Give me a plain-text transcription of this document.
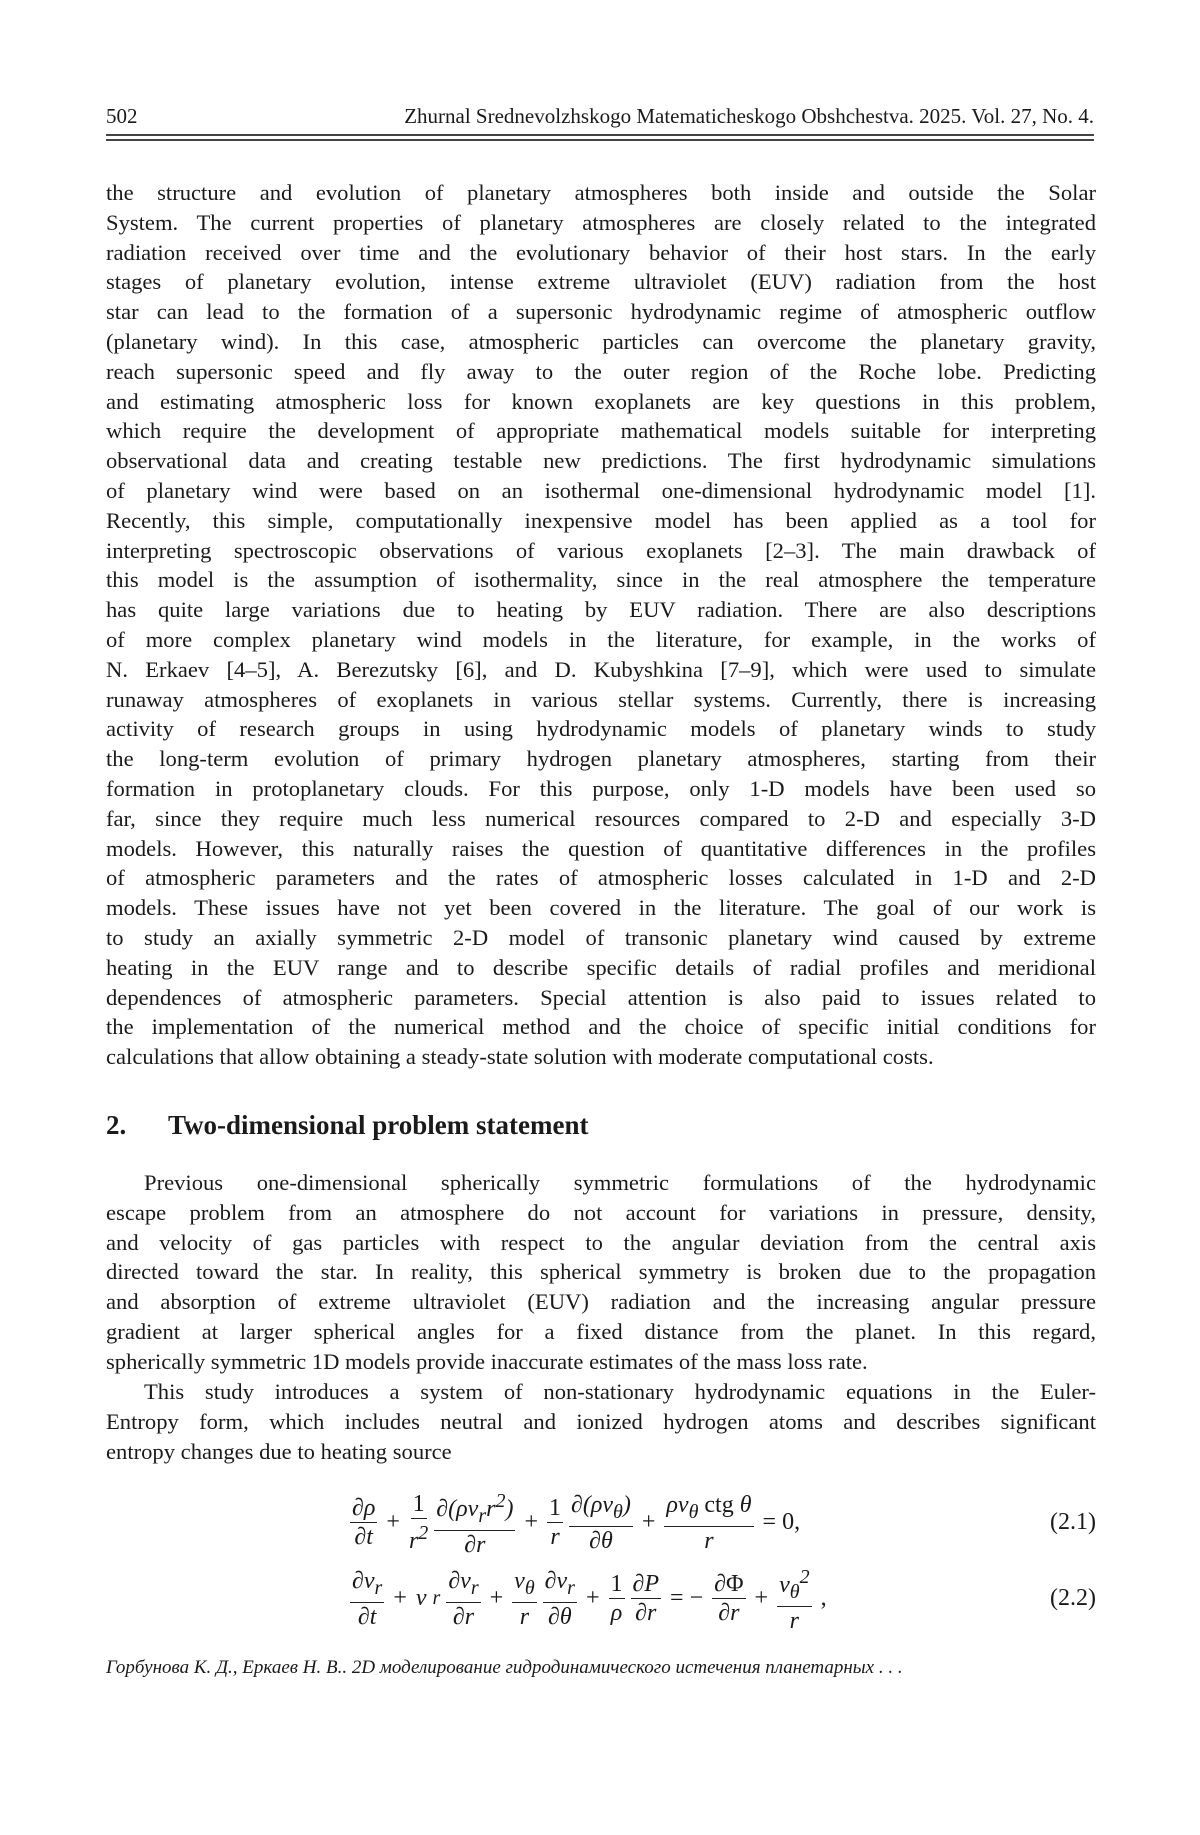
502	Zhurnal Srednevolzhskogo Matematicheskogo Obshchestva. 2025. Vol. 27, No. 4.
the structure and evolution of planetary atmospheres both inside and outside the Solar
System. The current properties of planetary atmospheres are closely related to the integrated
radiation received over time and the evolutionary behavior of their host stars. In the early
stages of planetary evolution, intense extreme ultraviolet (EUV) radiation from the host
star can lead to the formation of a supersonic hydrodynamic regime of atmospheric outflow
(planetary wind). In this case, atmospheric particles can overcome the planetary gravity,
reach supersonic speed and fly away to the outer region of the Roche lobe. Predicting
and estimating atmospheric loss for known exoplanets are key questions in this problem,
which require the development of appropriate mathematical models suitable for interpreting
observational data and creating testable new predictions. The first hydrodynamic simulations
of planetary wind were based on an isothermal one-dimensional hydrodynamic model [1].
Recently, this simple, computationally inexpensive model has been applied as a tool for
interpreting spectroscopic observations of various exoplanets [2–3]. The main drawback of
this model is the assumption of isothermality, since in the real atmosphere the temperature
has quite large variations due to heating by EUV radiation. There are also descriptions
of more complex planetary wind models in the literature, for example, in the works of
N. Erkaev [4–5], A. Berezutsky [6], and D. Kubyshkina [7–9], which were used to simulate
runaway atmospheres of exoplanets in various stellar systems. Currently, there is increasing
activity of research groups in using hydrodynamic models of planetary winds to study
the long-term evolution of primary hydrogen planetary atmospheres, starting from their
formation in protoplanetary clouds. For this purpose, only 1-D models have been used so
far, since they require much less numerical resources compared to 2-D and especially 3-D
models. However, this naturally raises the question of quantitative differences in the profiles
of atmospheric parameters and the rates of atmospheric losses calculated in 1-D and 2-D
models. These issues have not yet been covered in the literature. The goal of our work is
to study an axially symmetric 2-D model of transonic planetary wind caused by extreme
heating in the EUV range and to describe specific details of radial profiles and meridional
dependences of atmospheric parameters. Special attention is also paid to issues related to
the implementation of the numerical method and the choice of specific initial conditions for
calculations that allow obtaining a steady-state solution with moderate computational costs.
2. Two-dimensional problem statement
Previous one-dimensional spherically symmetric formulations of the hydrodynamic
escape problem from an atmosphere do not account for variations in pressure, density,
and velocity of gas particles with respect to the angular deviation from the central axis
directed toward the star. In reality, this spherical symmetry is broken due to the propagation
and absorption of extreme ultraviolet (EUV) radiation and the increasing angular pressure
gradient at larger spherical angles for a fixed distance from the planet. In this regard,
spherically symmetric 1D models provide inaccurate estimates of the mass loss rate.
This study introduces a system of non-stationary hydrodynamic equations in the Euler-
Entropy form, which includes neutral and ionized hydrogen atoms and describes significant
entropy changes due to heating source
∂ρ
∂t
+ $\frac{1}{r^2} \partial(\rho v_rr^2)$
∂r
+ $\frac{1}{r} \partial(\rho v_\theta)$
∂θ
+
$\rho v_\theta$ ctg θ
r
= 0,	(2.1)
$\partial v_r$
∂t
+ v r
$\partial v_r$
∂r
+ $\frac{v_\theta}{r} \partial v_r$
∂θ
+ $\frac{1}{\rho} \frac{\partial P}{\partial r}$ = − $\frac{\partial\Phi}{\partial r} + \frac{v_\theta^2}{r}$ ,	(2.2)
Горбунова К. Д., Еркаев Н. В.. 2D моделирование гидродинамического истечения планетарных . . .
